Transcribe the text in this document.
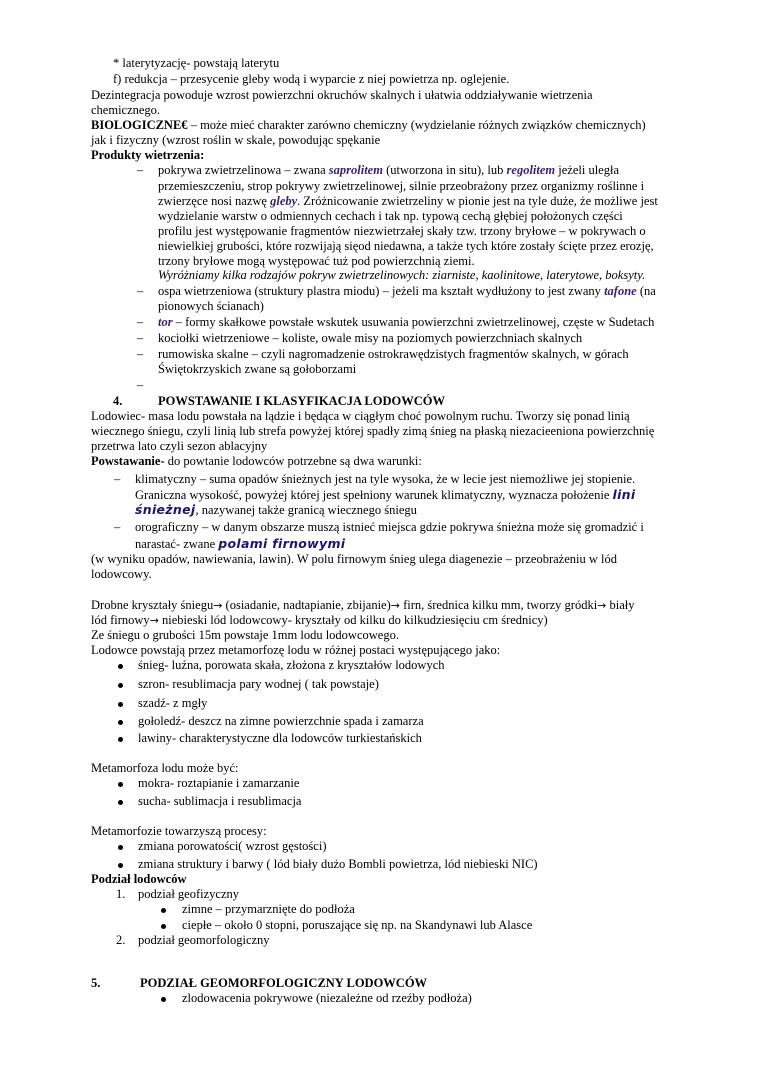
* laterytyzację- powstają laterytu
f) redukcja – przesycenie gleby wodą i wyparcie z niej powietrza np. oglejenie.
Dezintegracja powoduje wzrost powierzchni okruchów skalnych i ułatwia oddziaływanie wietrzenia
chemicznego.
BIOLOGICZNE€ – może mieć charakter zarówno chemiczny (wydzielanie różnych związków chemicznych)
jak i fizyczny (wzrost roślin w skale, powodując spękanie
Produkty wietrzenia:
– pokrywa zwietrzelinowa – zwana saprolitem (utworzona in situ), lub regolitem jeżeli uległa
przemieszczeniu, strop pokrywy zwietrzelinowej, silnie przeobrażony przez organizmy roślinne i
zwierzęce nosi nazwę gleby. Zróżnicowanie zwietrzeliny w pionie jest na tyle duże, że możliwe jest
wydzielanie warstw o odmiennych cechach i tak np. typową cechą głębiej położonych części
profilu jest występowanie fragmentów niezwietrzałej skały tzw. trzony bryłowe – w pokrywach o
niewielkiej grubości, które rozwijają sięod niedawna, a także tych które zostały ścięte przez erozję,
trzony bryłowe mogą występować tuż pod powierzchnią ziemi.
Wyróżniamy kilka rodzajów pokryw zwietrzelinowych: ziarniste, kaolinitowe, laterytowe, boksyty.
– ospa wietrzeniowa (struktury plastra miodu) – jeżeli ma kształt wydłużony to jest zwany tafone (na
pionowych ścianach)
– tor – formy skałkowe powstałe wskutek usuwania powierzchni zwietrzelinowej, częste w Sudetach
– kociołki wietrzeniowe – koliste, owale misy na poziomych powierzchniach skalnych
– rumowiska skalne – czyli nagromadzenie ostrokrawędzistych fragmentów skalnych, w górach
Świętokrzyskich zwane są gołoborzami
–
4.	POWSTAWANIE I KLASYFIKACJA LODOWCÓW
Lodowiec- masa lodu powstała na lądzie i będąca w ciągłym choć powolnym ruchu. Tworzy się ponad linią
wiecznego śniegu, czyli linią lub strefa powyżej której spadły zimą śnieg na płaską niezacieeniona powierzchnię
przetrwa lato czyli sezon ablacyjny
Powstawanie- do powtanie lodowców potrzebne są dwa warunki:
– klimatyczny – suma opadów śnieżnych jest na tyle wysoka, że w lecie jest niemożliwe jej stopienie.
Graniczna wysokość, powyżej której jest spełniony warunek klimatyczny, wyznacza położenie lini
śnieżnej, nazywanej także granicą wiecznego śniegu
– orograficzny – w danym obszarze muszą istnieć miejsca gdzie pokrywa śnieżna może się gromadzić i
narastać- zwane polami firnowymi
(w wyniku opadów, nawiewania, lawin). W polu firnowym śnieg ulega diagenezie – przeobrażeniu w lód
lodowcowy.
Drobne kryształy śniegu→ (osiadanie, nadtapianie, zbijanie)→ firn, średnica kilku mm, tworzy gródki→ biały
lód firnowy→ niebieski lód lodowcowy- kryształy od kilku do kilkudziesięciu cm średnicy)
Ze śniegu o grubości 15m powstaje 1mm lodu lodowcowego.
Lodowce powstają przez metamorfozę lodu w różnej postaci występującego jako:
śnieg- luźna, porowata skała, złożona z kryształów lodowych
szron- resublimacja pary wodnej ( tak powstaje)
szadź- z mgły
gołoledź- deszcz na zimne powierzchnie spada i zamarza
lawiny- charakterystyczne dla lodowców turkiestańskich
Metamorfoza lodu może być:
mokra- roztapianie i zamarzanie
sucha- sublimacja i resublimacja
Metamorfozie towarzyszą procesy:
zmiana porowatości( wzrost gęstości)
zmiana struktury i barwy ( lód biały dużo Bombli powietrza, lód niebieski NIC)
Podział lodowców
1. podział geofizyczny
zimne – przymarznięte do podłoża
ciepłe – około 0 stopni, poruszające się np. na Skandynawi lub Alasce
2. podział geomorfologiczny
5.	PODZIAŁ GEOMORFOLOGICZNY LODOWCÓW
zlodowacenia pokrywowe (niezależne od rzeźby podłoża)
